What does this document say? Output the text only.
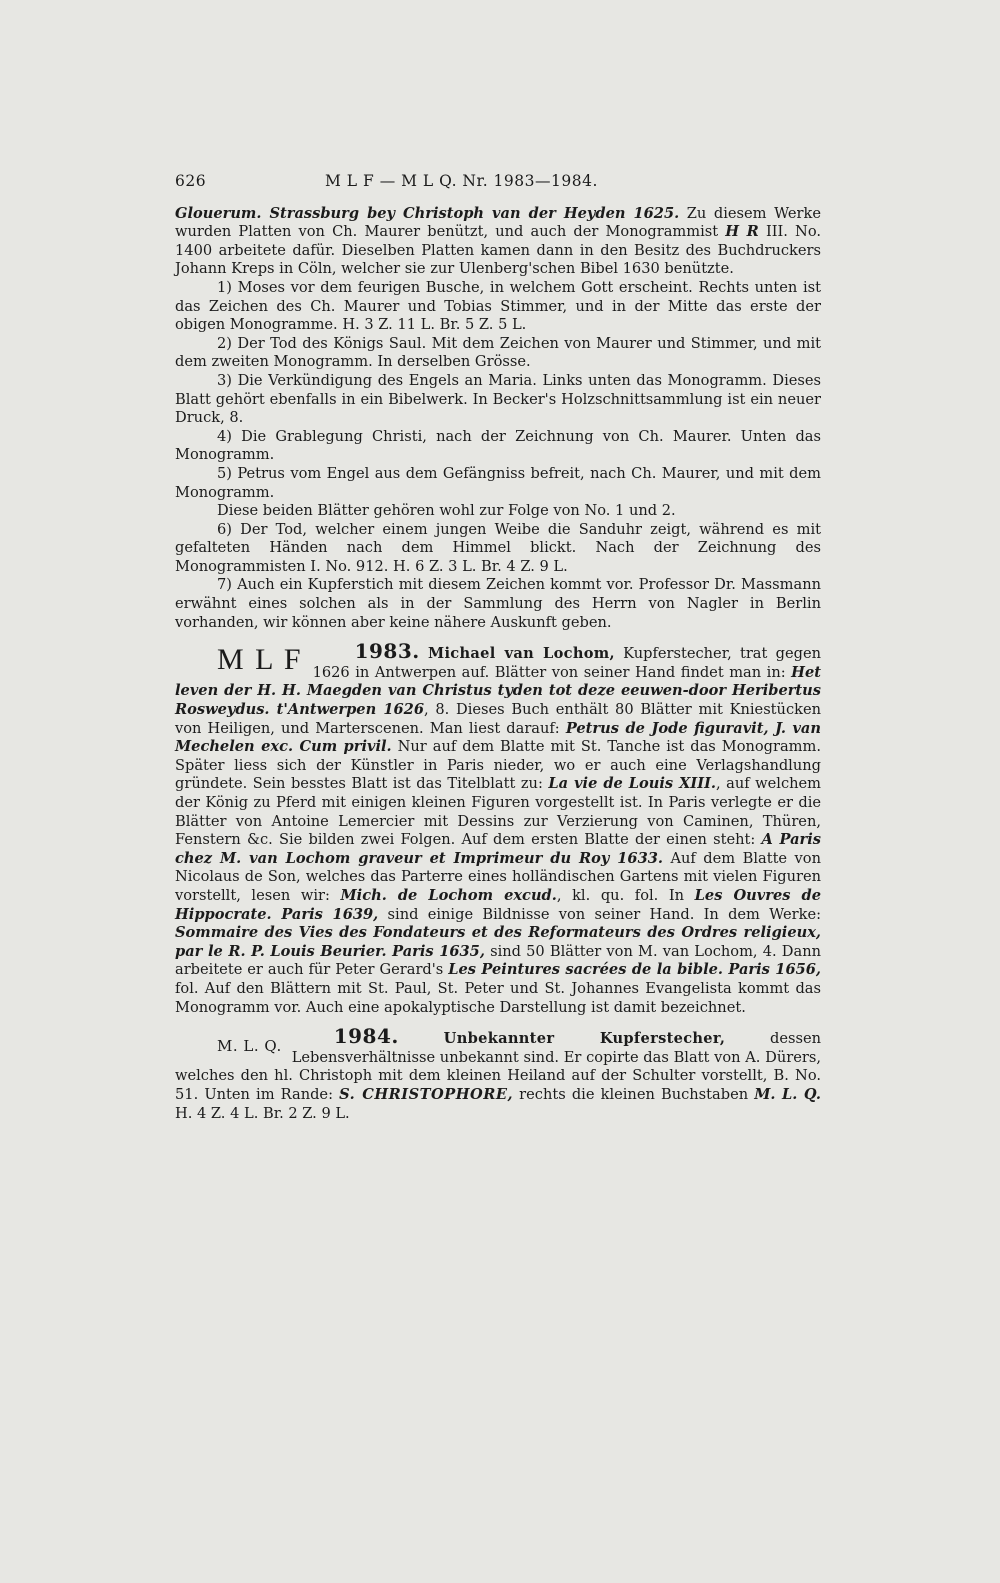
626	M L F — M L Q. Nr. 1983—1984.

Glouerum. Strassburg bey Christoph van der Heyden 1625. Zu diesem Werke wurden Platten von Ch. Maurer benützt, und auch der Monogrammist H R III. No. 1400 arbeitete dafür. Dieselben Platten kamen dann in den Besitz des Buchdruckers Johann Kreps in Cöln, welcher sie zur Ulenberg'schen Bibel 1630 benützte.

1) Moses vor dem feurigen Busche, in welchem Gott erscheint. Rechts unten ist das Zeichen des Ch. Maurer und Tobias Stimmer, und in der Mitte das erste der obigen Monogramme. H. 3 Z. 11 L. Br. 5 Z. 5 L.

2) Der Tod des Königs Saul. Mit dem Zeichen von Maurer und Stimmer, und mit dem zweiten Monogramm. In derselben Grösse.

3) Die Verkündigung des Engels an Maria. Links unten das Monogramm. Dieses Blatt gehört ebenfalls in ein Bibelwerk. In Becker's Holzschnittsammlung ist ein neuer Druck, 8.

4) Die Grablegung Christi, nach der Zeichnung von Ch. Maurer. Unten das Monogramm.

5) Petrus vom Engel aus dem Gefängniss befreit, nach Ch. Maurer, und mit dem Monogramm.

Diese beiden Blätter gehören wohl zur Folge von No. 1 und 2.

6) Der Tod, welcher einem jungen Weibe die Sanduhr zeigt, während es mit gefalteten Händen nach dem Himmel blickt. Nach der Zeichnung des Monogrammisten I. No. 912. H. 6 Z. 3 L. Br. 4 Z. 9 L.

7) Auch ein Kupferstich mit diesem Zeichen kommt vor. Professor Dr. Massmann erwähnt eines solchen als in der Sammlung des Herrn von Nagler in Berlin vorhanden, wir können aber keine nähere Auskunft geben.

1983. Michael van Lochom,
M L F	Kupferstecher, trat gegen 1626 in Antwerpen auf. Blätter von seiner Hand findet man in: Het leven der H. H. Maegden van Christus tyden tot deze eeuwen-door Heribertus Rosweydus. t'Antwerpen 1626, 8. Dieses Buch enthält 80 Blätter mit Kniestücken von Heiligen, und Marterscenen. Man liest darauf: Petrus de Jode figuravit, J. van Mechelen exc. Cum privil. Nur auf dem Blatte mit St. Tanche ist das Monogramm. Später liess sich der Künstler in Paris nieder, wo er auch eine Verlagshandlung gründete. Sein besstes Blatt ist das Titelblatt zu: La vie de Louis XIII., auf welchem der König zu Pferd mit einigen kleinen Figuren vorgestellt ist. In Paris verlegte er die Blätter von Antoine Lemercier mit Dessins zur Verzierung von Caminen, Thüren, Fenstern &c. Sie bilden zwei Folgen. Auf dem ersten Blatte der einen steht: A Paris chez M. van Lochom graveur et Imprimeur du Roy 1633. Auf dem Blatte von Nicolaus de Son, welches das Parterre eines holländischen Gartens mit vielen Figuren vorstellt, lesen wir: Mich. de Lochom excud., kl. qu. fol. In Les Ouvres de Hippocrate. Paris 1639, sind einige Bildnisse von seiner Hand. In dem Werke: Sommaire des Vies des Fondateurs et des Reformateurs des Ordres religieux, par le R. P. Louis Beurier. Paris 1635, sind 50 Blätter von M. van Lochom, 4. Dann arbeitete er auch für Peter Gerard's Les Peintures sacrées de la bible. Paris 1656, fol. Auf den Blättern mit St. Paul, St. Peter und St. Johannes Evangelista kommt das Monogramm vor. Auch eine apokalyptische Darstellung ist damit bezeichnet.

1984.	Unbekannter Kupferstecher,
M. L. Q.	dessen Lebensverhältnisse unbekannt sind. Er copirte das Blatt von A. Dürers, welches den hl. Christoph mit dem kleinen Heiland auf der Schulter vorstellt, B. No. 51. Unten im Rande: S. CHRISTOPHORE, rechts die kleinen Buchstaben M. L. Q. H. 4 Z. 4 L. Br. 2 Z. 9 L.
